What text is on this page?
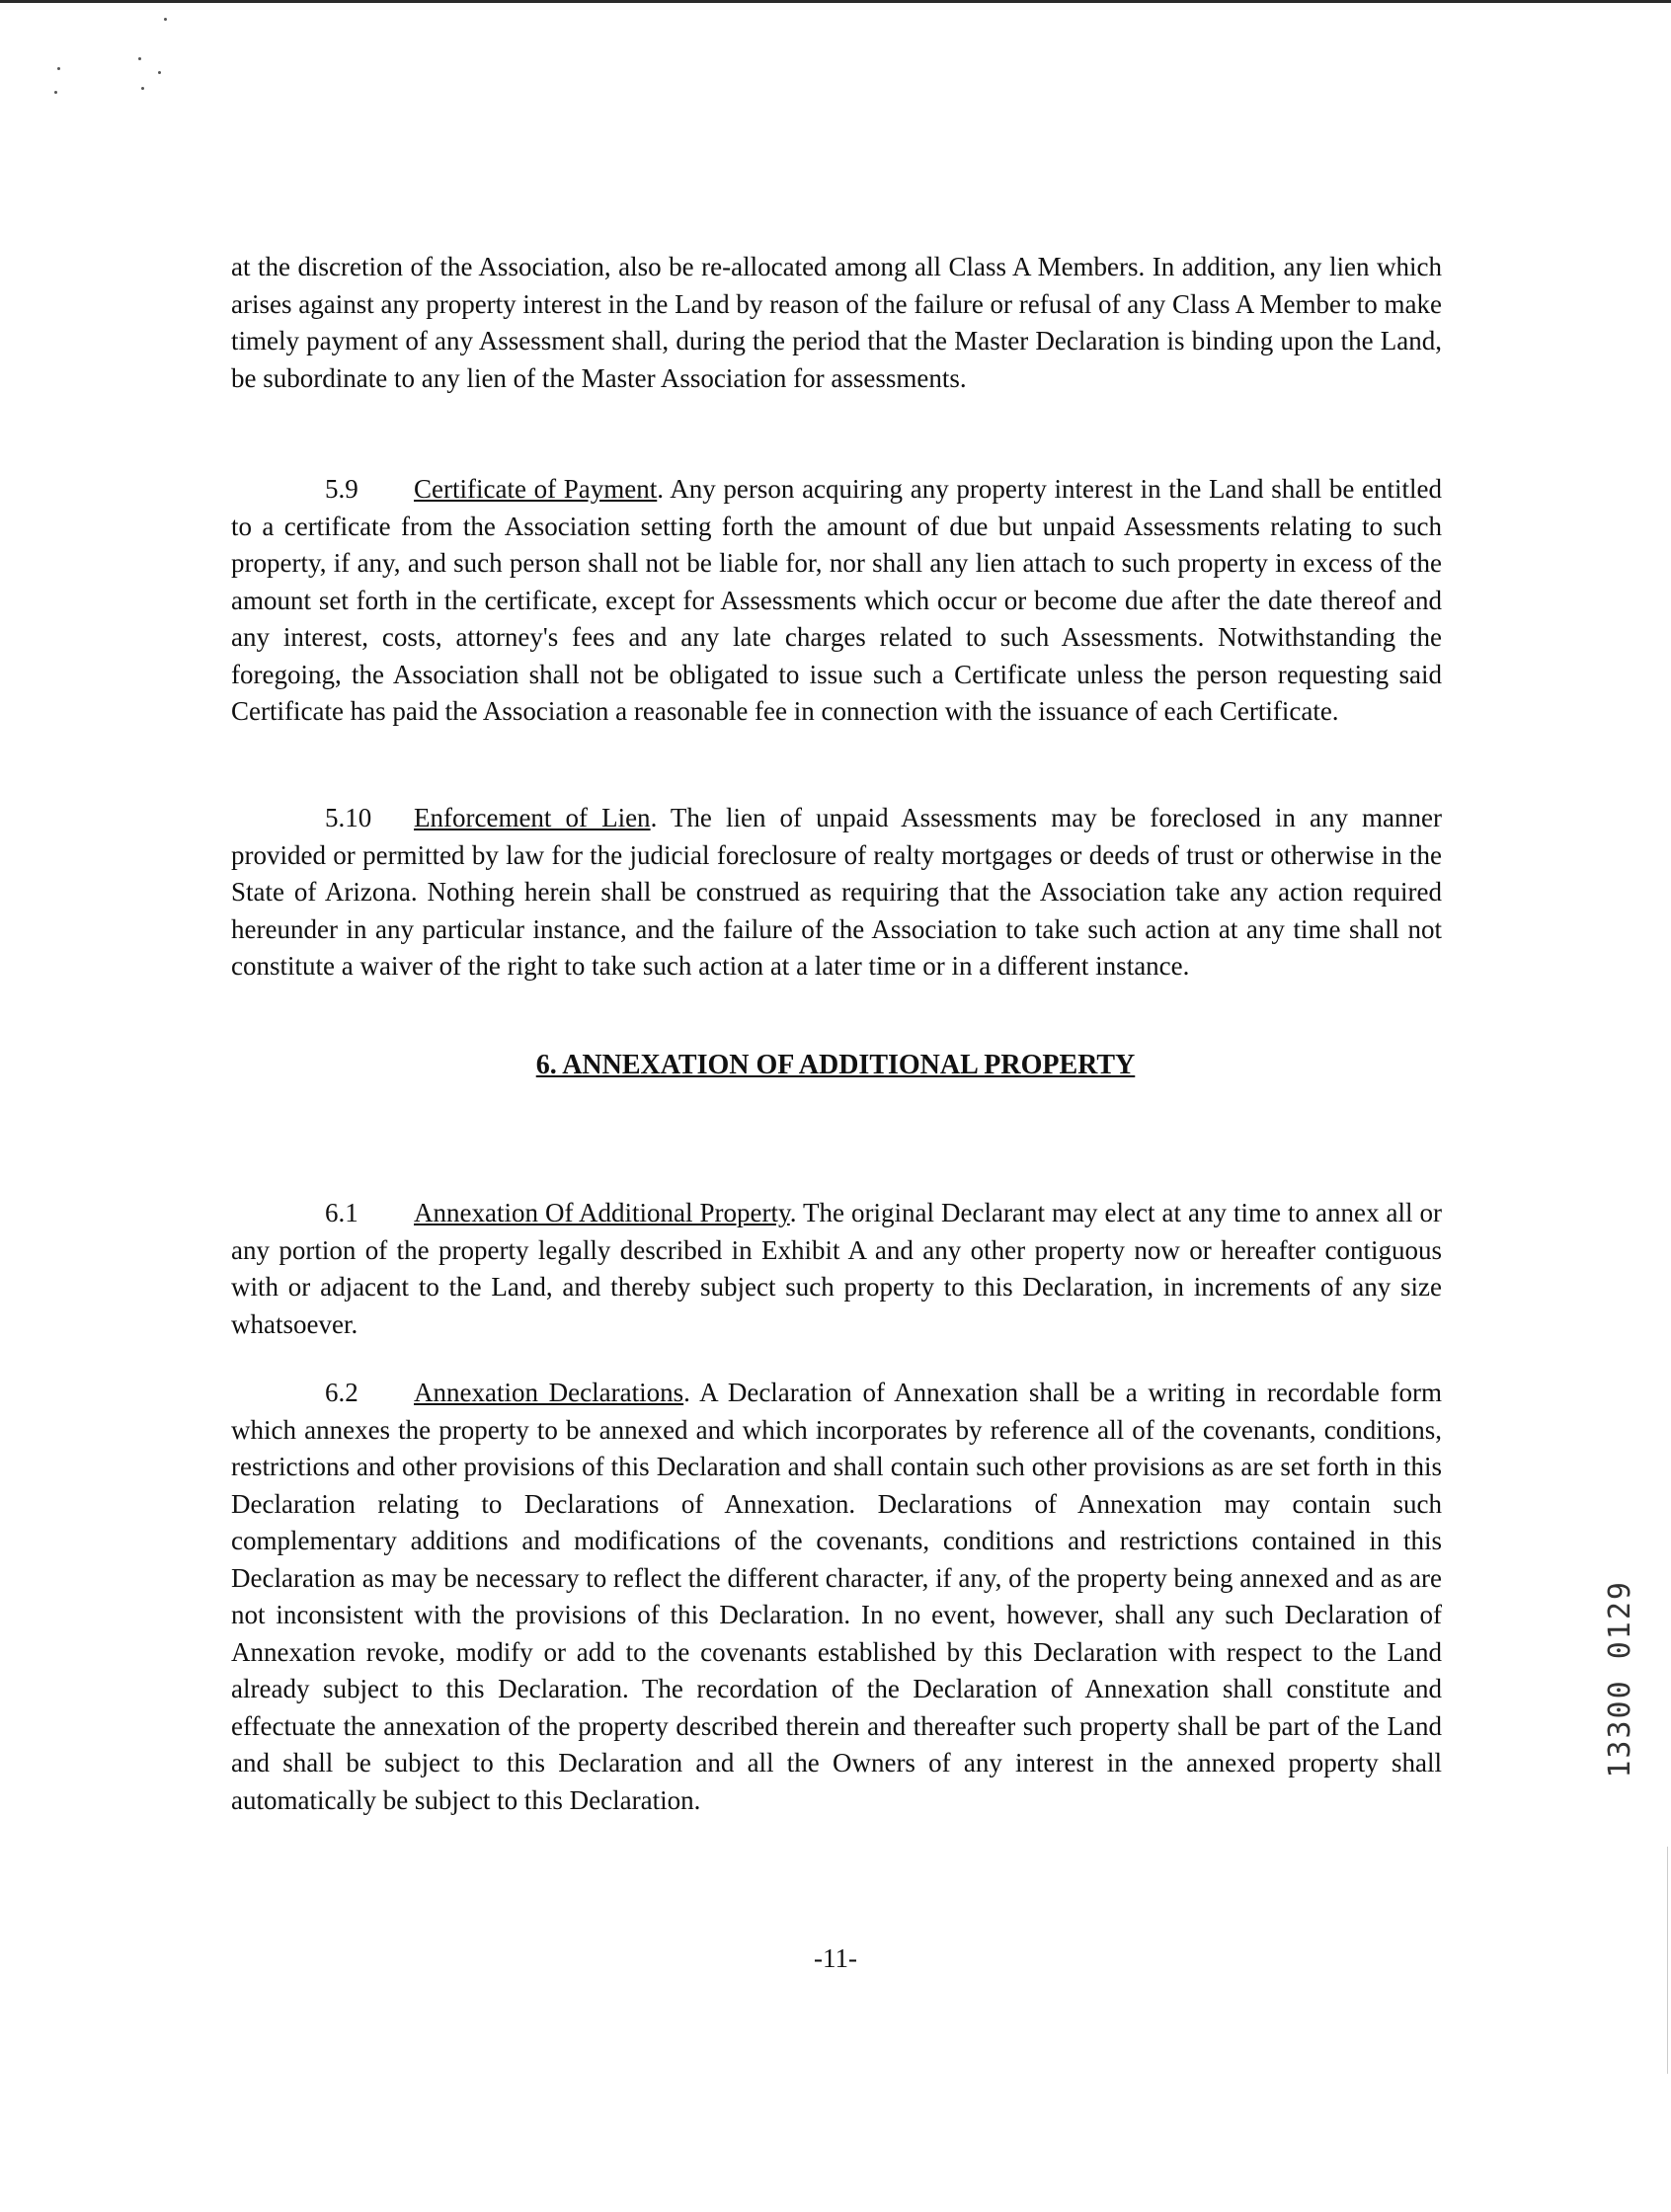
at the discretion of the Association, also be re-allocated among all Class A Members. In addition, any lien which arises against any property interest in the Land by reason of the failure or refusal of any Class A Member to make timely payment of any Assessment shall, during the period that the Master Declaration is binding upon the Land, be subordinate to any lien of the Master Association for assessments.

5.9 Certificate of Payment. Any person acquiring any property interest in the Land shall be entitled to a certificate from the Association setting forth the amount of due but unpaid Assessments relating to such property, if any, and such person shall not be liable for, nor shall any lien attach to such property in excess of the amount set forth in the certificate, except for Assessments which occur or become due after the date thereof and any interest, costs, attorney's fees and any late charges related to such Assessments. Notwithstanding the foregoing, the Association shall not be obligated to issue such a Certificate unless the person requesting said Certificate has paid the Association a reasonable fee in connection with the issuance of each Certificate.

5.10 Enforcement of Lien. The lien of unpaid Assessments may be foreclosed in any manner provided or permitted by law for the judicial foreclosure of realty mortgages or deeds of trust or otherwise in the State of Arizona. Nothing herein shall be construed as requiring that the Association take any action required hereunder in any particular instance, and the failure of the Association to take such action at any time shall not constitute a waiver of the right to take such action at a later time or in a different instance.

6. ANNEXATION OF ADDITIONAL PROPERTY

6.1 Annexation Of Additional Property. The original Declarant may elect at any time to annex all or any portion of the property legally described in Exhibit A and any other property now or hereafter contiguous with or adjacent to the Land, and thereby subject such property to this Declaration, in increments of any size whatsoever.

6.2 Annexation Declarations. A Declaration of Annexation shall be a writing in recordable form which annexes the property to be annexed and which incorporates by reference all of the covenants, conditions, restrictions and other provisions of this Declaration and shall contain such other provisions as are set forth in this Declaration relating to Declarations of Annexation. Declarations of Annexation may contain such complementary additions and modifications of the covenants, conditions and restrictions contained in this Declaration as may be necessary to reflect the different character, if any, of the property being annexed and as are not inconsistent with the provisions of this Declaration. In no event, however, shall any such Declaration of Annexation revoke, modify or add to the covenants established by this Declaration with respect to the Land already subject to this Declaration. The recordation of the Declaration of Annexation shall constitute and effectuate the annexation of the property described therein and thereafter such property shall be part of the Land and shall be subject to this Declaration and all the Owners of any interest in the annexed property shall automatically be subject to this Declaration.

-11-

13300 0129
